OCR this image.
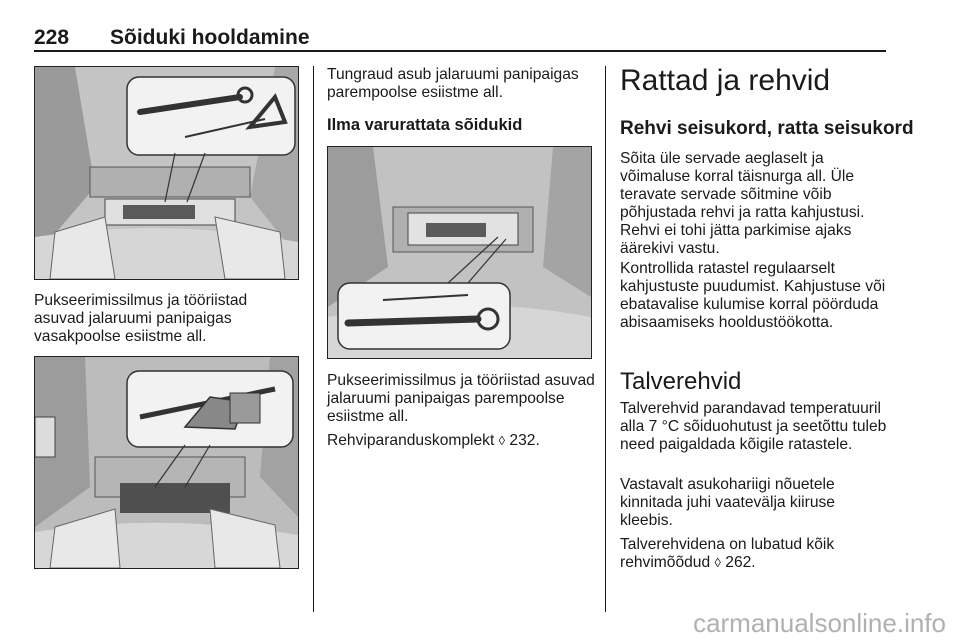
228 Sõiduki hooldamine
Pukseerimissilmus ja tööriistad asuvad jalaruumi panipaigas vasakpoolse esiistme all.
Tungraud asub jalaruumi panipaigas parempoolse esiistme all.
Ilma varurattata sõidukid
Pukseerimissilmus ja tööriistad asuvad jalaruumi panipaigas parempoolse esiistme all.
Rehviparanduskomplekt ◊ 232.
Rattad ja rehvid
Rehvi seisukord, ratta seisukord
Sõita üle servade aeglaselt ja võimaluse korral täisnurga all. Üle teravate servade sõitmine võib põhjustada rehvi ja ratta kahjustusi. Rehvi ei tohi jätta parkimise ajaks äärekivi vastu.
Kontrollida ratastel regulaarselt kahjustuste puudumist. Kahjustuse või ebatavalise kulumise korral pöörduda abisaamiseks hooldustöökotta.
Talverehvid
Talverehvid parandavad temperatuuril alla 7 °C sõiduohutust ja seetõttu tuleb need paigaldada kõigile ratastele.
Vastavalt asukohariigi nõuetele kinnitada juhi vaatevälja kiiruse kleebis.
Talverehvidena on lubatud kõik rehvimõõdud ◊ 262.
carmanualsonline.info
